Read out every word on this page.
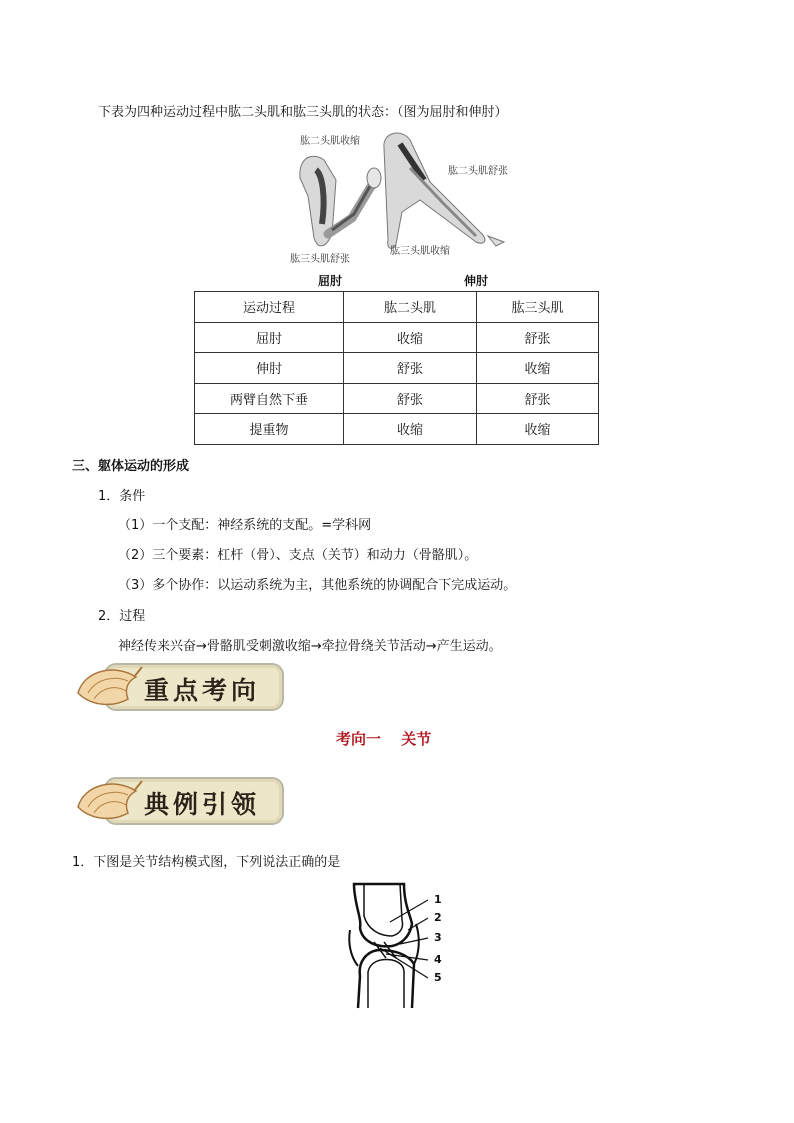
下表为四种运动过程中肱二头肌和肱三头肌的状态：（图为屈肘和伸肘）
肱二头肌收缩
肱三头肌舒张
肱二头肌舒张
肱三头肌收缩
屈肘	伸肘
运动过程	肱二头肌	肱三头肌
屈肘	收缩	舒张
伸肘	舒张	收缩
两臂自然下垂	舒张	舒张
提重物	收缩	收缩
三、躯体运动的形成
1．条件
（1）一个支配：神经系统的支配。=学科网
（2）三个要素：杠杆（骨）、支点（关节）和动力（骨骼肌）。
（3）多个协作：以运动系统为主，其他系统的协调配合下完成运动。
2．过程
神经传来兴奋→骨骼肌受刺激收缩→牵拉骨绕关节活动→产生运动。
重点考向
考向一　 关节
典例引领
1．下图是关节结构模式图，下列说法正确的是
1
2
3
4
5
